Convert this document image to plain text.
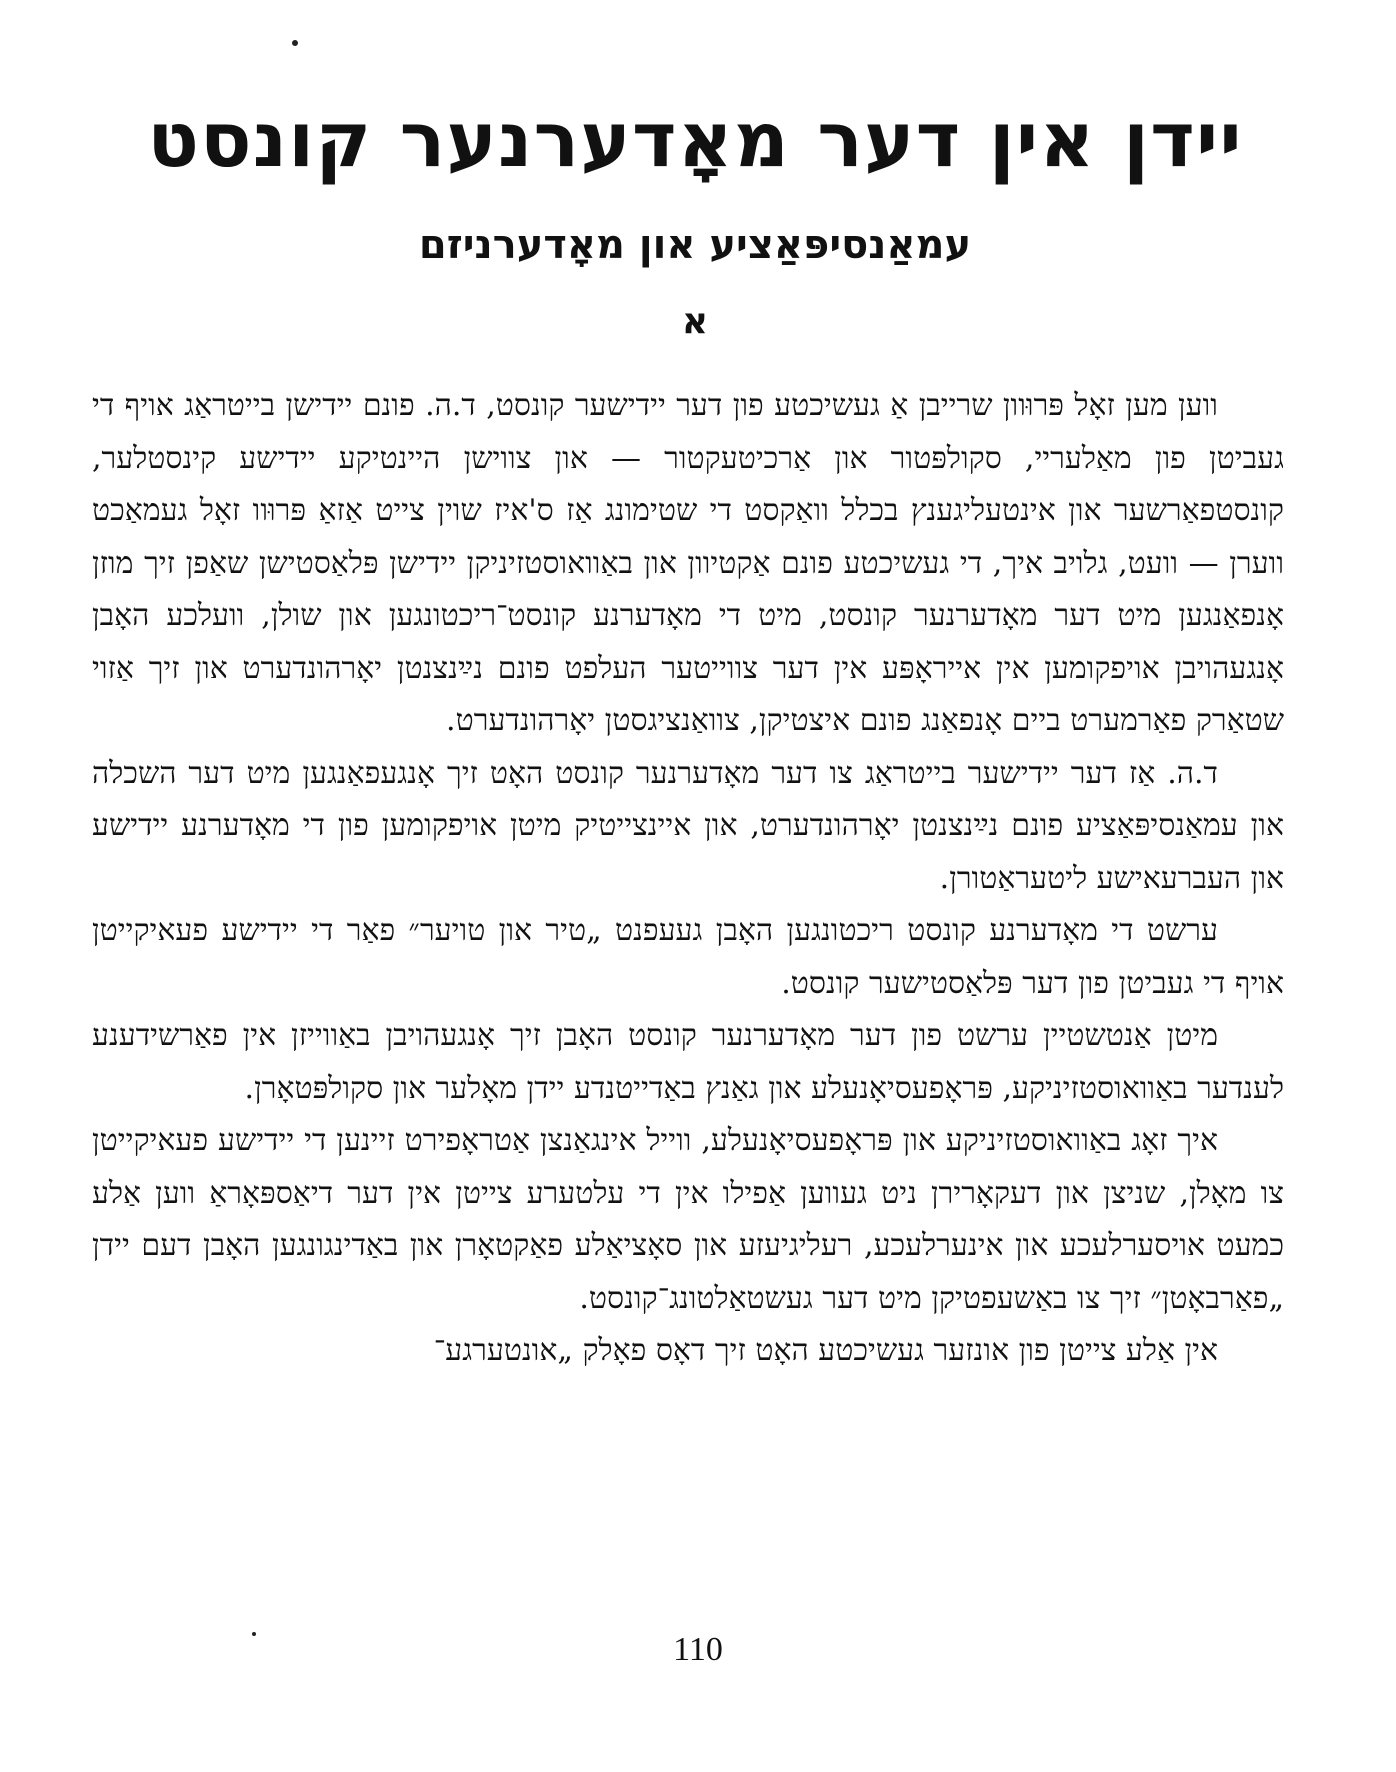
יידן אין דער מאָדערנער קונסט
עמאַנסיפּאַציע און מאָדערניזם
א

ווען מען זאָל פּרוּוון שרייבן אַ געשיכטע פון דער יידישער קונסט, ד.ה. פונם יידישן בייטראַג אויף די געביטן פון מאַלעריי, סקולפּטור און אַרכיטעקטור — און צווישן היינטיקע יידישע קינסטלער, קונסטפאַרשער און אינטעליגענץ בכלל וואַקסט די שטימונג אַז ס'איז שוין צייט אַזאַ פּרוּוו זאָל געמאַכט ווערן — וועט, גלויב איך, די געשיכטע פונם אַקטיוון און באַוואוסטזיניקן יידישן פּלאַסטישן שאַפן זיך מוזן אָנפאַנגען מיט דער מאָדערנער קונסט, מיט די מאָדערנע קונסט־ריכטונגען און שולן, וועלכע האָבן אָנגעהויבן אויפקומען אין אייראָפּע אין דער צווייטער העלפט פונם נײַנצנטן יאָרהונדערט און זיך אַזוי שטאַרק פאַרמערט ביים אָנפאַנג פונם איצטיקן, צוואַנציגסטן יאָרהונדערט.

ד.ה. אַז דער יידישער בייטראַג צו דער מאָדערנער קונסט האָט זיך אָנגעפאַנגען מיט דער השכלה און עמאַנסיפּאַציע פונם נײַנצנטן יאָרהונדערט, און איינצייטיק מיטן אויפקומען פון די מאָדערנע יידישע און העברעאישע ליטעראַטורן.

ערשט די מאָדערנע קונסט ריכטונגען האָבן געעפנט „טיר און טויער״ פאַר די יידישע פעאיקייטן אויף די געביטן פון דער פּלאַסטישער קונסט.

מיטן אַנטשטיין ערשט פון דער מאָדערנער קונסט האָבן זיך אָנגעהויבן באַווייזן אין פאַרשידענע לענדער באַוואוסטזיניקע, פּראָפעסיאָנעלע און גאַנץ באַדייטנדע יידן מאָלער און סקולפּטאָרן.

איך זאָג באַוואוסטזיניקע און פּראָפעסיאָנעלע, ווייל אינגאַנצן אַטראָפירט זיינען די יידישע פעאיקייטן צו מאָלן, שניצן און דעקאָרירן ניט געווען אַפילו אין די עלטערע צייטן אין דער דיאַספּאָראַ ווען אַלע כמעט אויסערלעכע און אינערלעכע, רעליגיעזע און סאָציאַלע פאַקטאָרן און באַדינגונגען האָבן דעם יידן „פאַרבאָטן״ זיך צו באַשעפטיקן מיט דער געשטאַלטונג־קונסט.

אין אַלע צייטן פון אונזער געשיכטע האָט זיך דאָס פאָלק „אונטערגע־

110
